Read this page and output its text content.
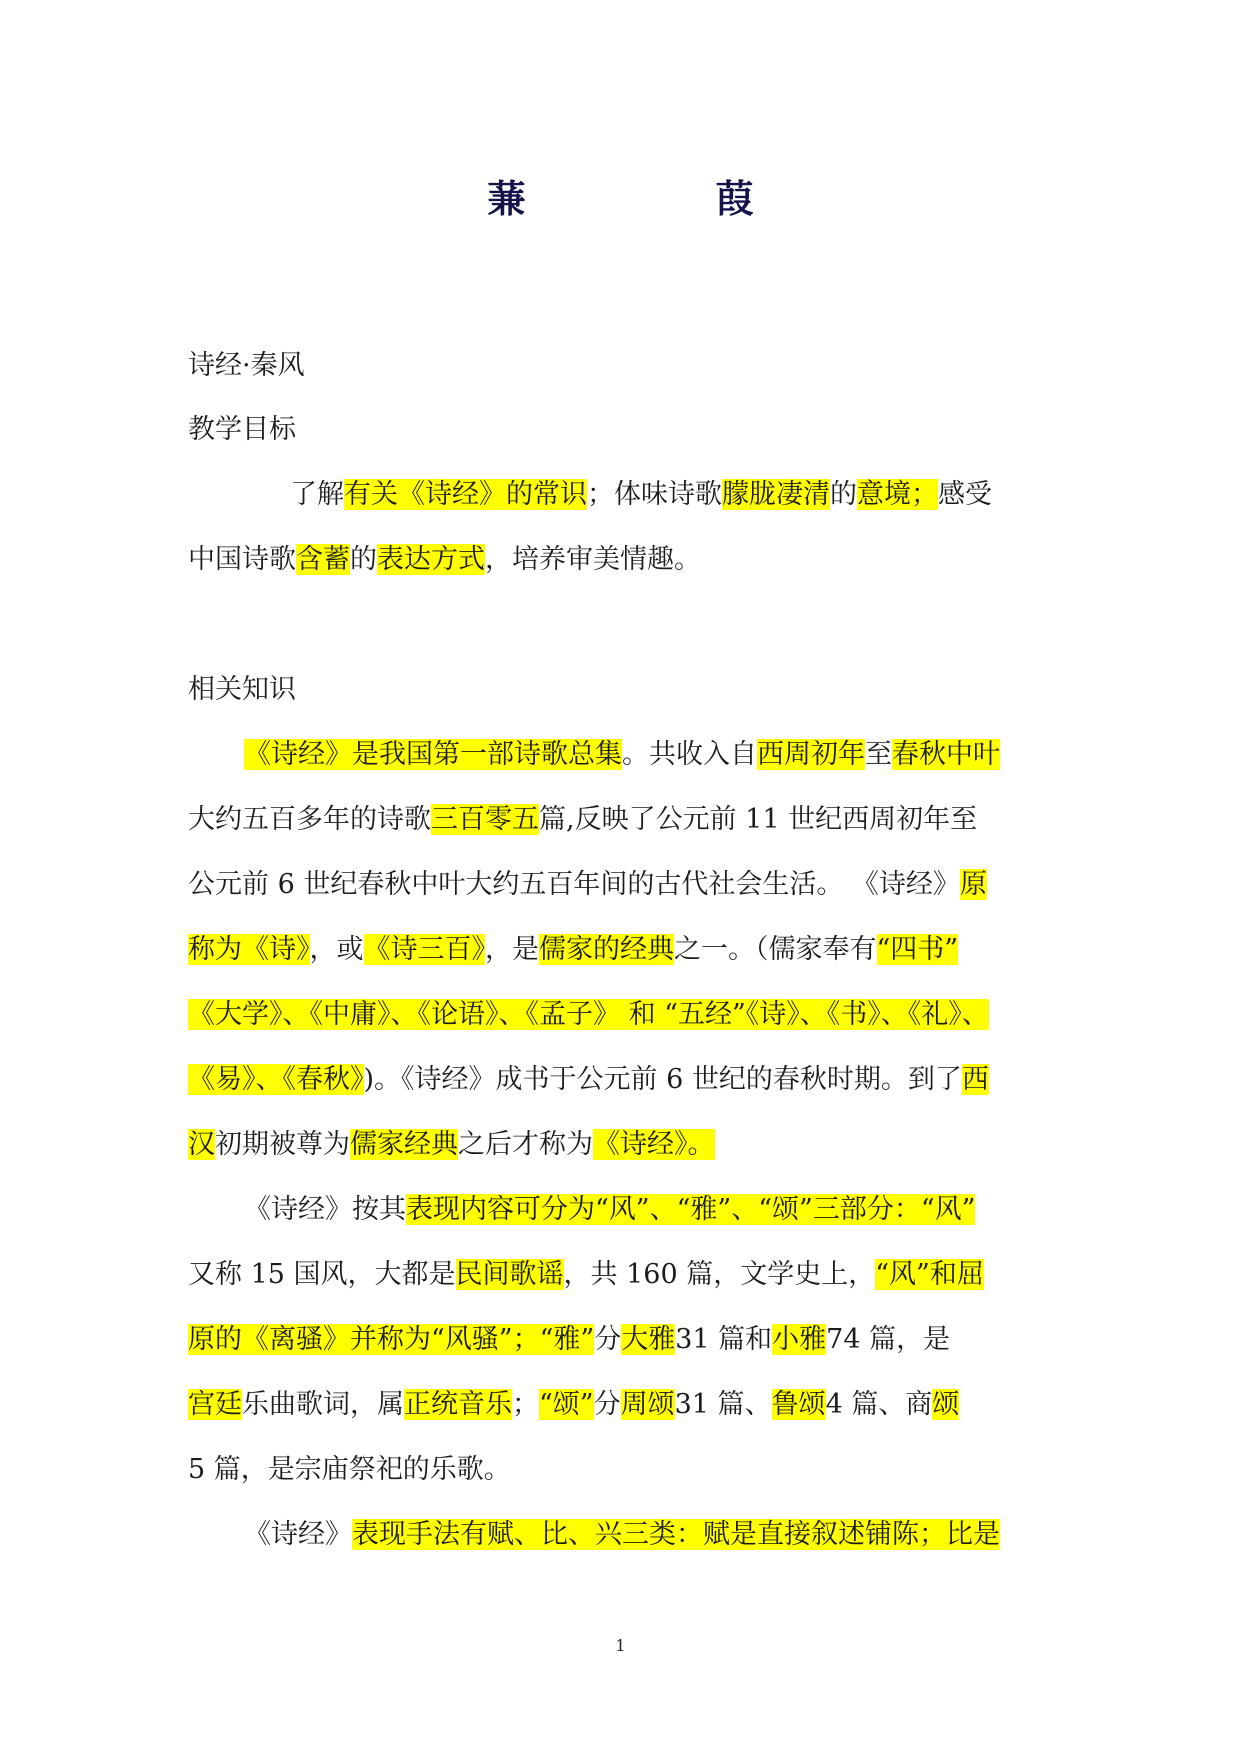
蒹	葭
诗经·秦风
教学目标
了解有关《诗经》的常识；体味诗歌朦胧凄清的意境；感受
中国诗歌含蓄的表达方式，培养审美情趣。
相关知识
《诗经》是我国第一部诗歌总集。共收入自西周初年至春秋中叶
大约五百多年的诗歌三百零五篇,反映了公元前 11 世纪西周初年至
公元前 6 世纪春秋中叶大约五百年间的古代社会生活。 《诗经》原
称为《诗》，或《诗三百》，是儒家的经典之一。（儒家奉有“四书”
《大学》、《中庸》、《论语》、《孟子》 和 “五经”《诗》、《书》、《礼》、
《易》、《春秋》)。《诗经》成书于公元前 6 世纪的春秋时期。到了西
汉初期被尊为儒家经典之后才称为《诗经》。
《诗经》按其表现内容可分为“风”、“雅”、“颂”三部分：“风”
又称 15 国风，大都是民间歌谣，共 160 篇，文学史上，“风”和屈
原的《离骚》并称为“风骚”；“雅”分大雅31 篇和小雅74 篇，是
宫廷乐曲歌词，属正统音乐；“颂”分周颂31 篇、鲁颂4 篇、商颂
5 篇，是宗庙祭祀的乐歌。
《诗经》表现手法有赋、比、兴三类：赋是直接叙述铺陈；比是
1
